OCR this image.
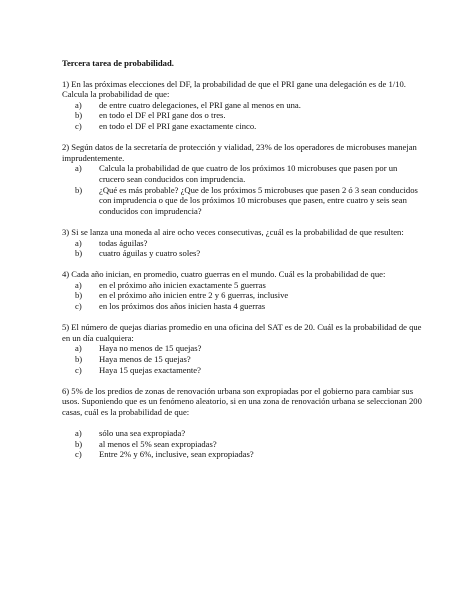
Tercera tarea de probabilidad.

1) En las próximas elecciones del DF, la probabilidad de que el PRI gane una delegación es de 1/10. Calcula la probabilidad de que:

a)	de entre cuatro delegaciones, el PRI gane al menos en una.
b)	en todo el DF el PRI gane dos o tres.
c)	en todo el DF el PRI gane exactamente cinco.

2) Según datos de la secretaría de protección y vialidad, 23% de los operadores de microbuses manejan imprudentemente.

a)	Calcula la probabilidad de que cuatro de los próximos 10 microbuses que pasen por un crucero sean conducidos con imprudencia.
b)	¿Qué es más probable? ¿Que de los próximos 5 microbuses que pasen 2 ó 3 sean conducidos con imprudencia o que de los próximos 10 microbuses que pasen, entre cuatro y seis sean conducidos con imprudencia?

3) Si se lanza una moneda al aire ocho veces consecutivas, ¿cuál es la probabilidad de que resulten:

a)	todas águilas?
b)	cuatro águilas y cuatro soles?

4) Cada año inician, en promedio, cuatro guerras en el mundo. Cuál es la probabilidad de que:

a)	en el próximo año inicien exactamente 5 guerras
b)	en el próximo año inicien entre 2 y 6 guerras, inclusive
c)	en los próximos dos años inicien hasta 4 guerras

5) El número de quejas diarias promedio en una oficina del SAT es de 20. Cuál es la probabilidad de que en un día cualquiera:

a)	Haya no menos de 15 quejas?
b)	Haya menos de 15 quejas?
c)	Haya 15 quejas exactamente?

6) 5% de los predios de zonas de renovación urbana son expropiadas por el gobierno para cambiar sus usos. Suponiendo que es un fenómeno aleatorio, si en una zona de renovación urbana se seleccionan 200 casas, cuál es la probabilidad de que:

a)	sólo una sea expropiada?
b)	al menos el 5% sean expropiadas?
c)	Entre 2% y 6%, inclusive, sean expropiadas?
